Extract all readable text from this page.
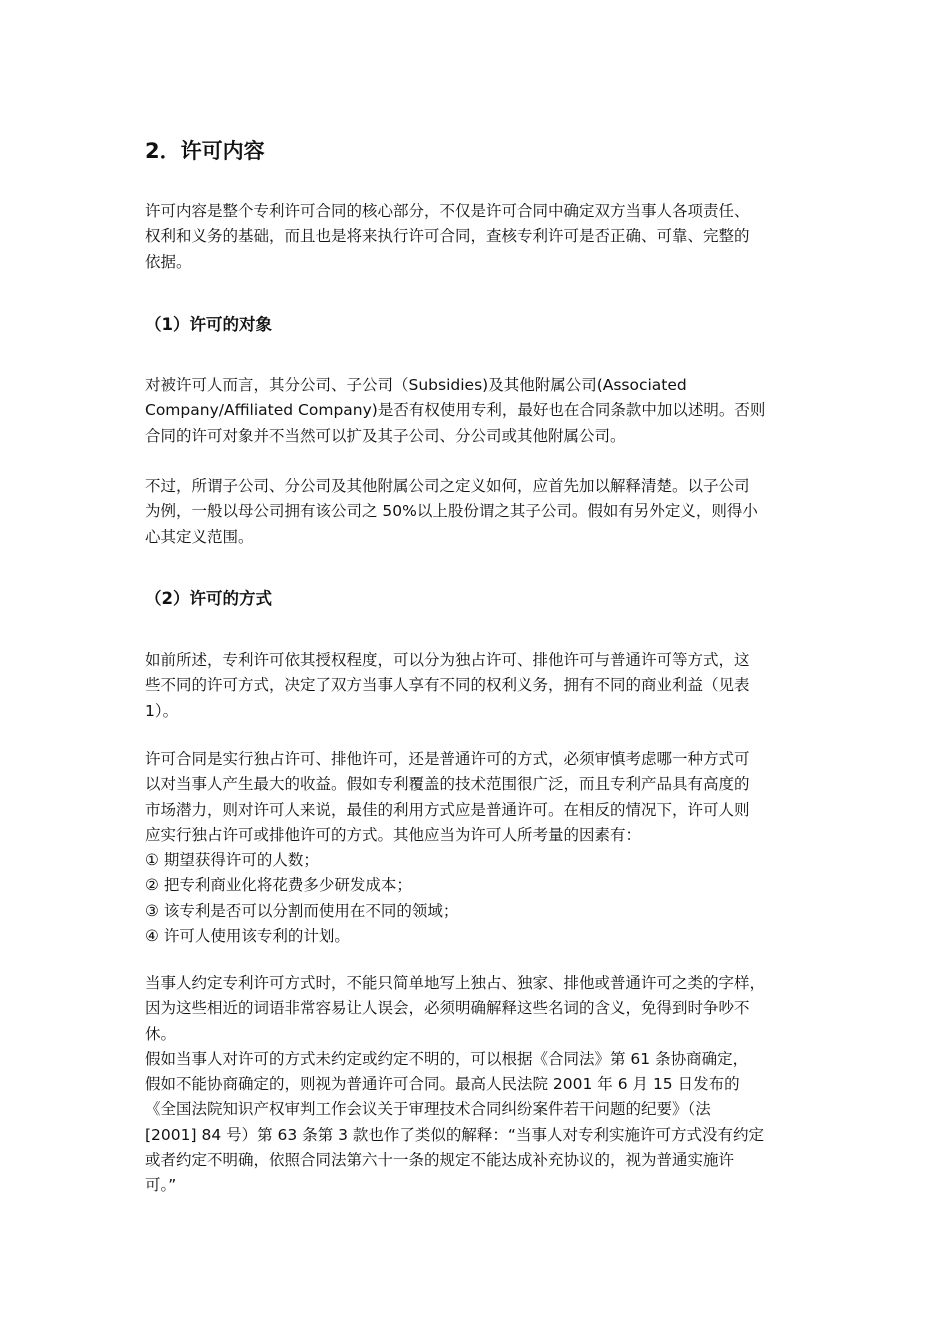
2．许可内容
许可内容是整个专利许可合同的核心部分，不仅是许可合同中确定双方当事人各项责任、
权利和义务的基础，而且也是将来执行许可合同，查核专利许可是否正确、可靠、完整的
依据。
（1）许可的对象
对被许可人而言，其分公司、子公司（Subsidies)及其他附属公司(Associated
Company/Affiliated Company)是否有权使用专利，最好也在合同条款中加以述明。否则
合同的许可对象并不当然可以扩及其子公司、分公司或其他附属公司。
不过，所谓子公司、分公司及其他附属公司之定义如何，应首先加以解释清楚。以子公司
为例，一般以母公司拥有该公司之 50%以上股份谓之其子公司。假如有另外定义，则得小
心其定义范围。
（2）许可的方式
如前所述，专利许可依其授权程度，可以分为独占许可、排他许可与普通许可等方式，这
些不同的许可方式，决定了双方当事人享有不同的权利义务，拥有不同的商业利益（见表
1）。
许可合同是实行独占许可、排他许可，还是普通许可的方式，必须审慎考虑哪一种方式可
以对当事人产生最大的收益。假如专利覆盖的技术范围很广泛，而且专利产品具有高度的
市场潜力，则对许可人来说，最佳的利用方式应是普通许可。在相反的情况下，许可人则
应实行独占许可或排他许可的方式。其他应当为许可人所考量的因素有：
① 期望获得许可的人数；
② 把专利商业化将花费多少研发成本；
③ 该专利是否可以分割而使用在不同的领域；
④ 许可人使用该专利的计划。
当事人约定专利许可方式时，不能只简单地写上独占、独家、排他或普通许可之类的字样，
因为这些相近的词语非常容易让人误会，必须明确解释这些名词的含义，免得到时争吵不
休。
假如当事人对许可的方式未约定或约定不明的，可以根据《合同法》第 61 条协商确定，
假如不能协商确定的，则视为普通许可合同。最高人民法院 2001 年 6 月 15 日发布的
《全国法院知识产权审判工作会议关于审理技术合同纠纷案件若干问题的纪要》（法
[2001] 84 号）第 63 条第 3 款也作了类似的解释：“当事人对专利实施许可方式没有约定
或者约定不明确，依照合同法第六十一条的规定不能达成补充协议的，视为普通实施许
可。”
